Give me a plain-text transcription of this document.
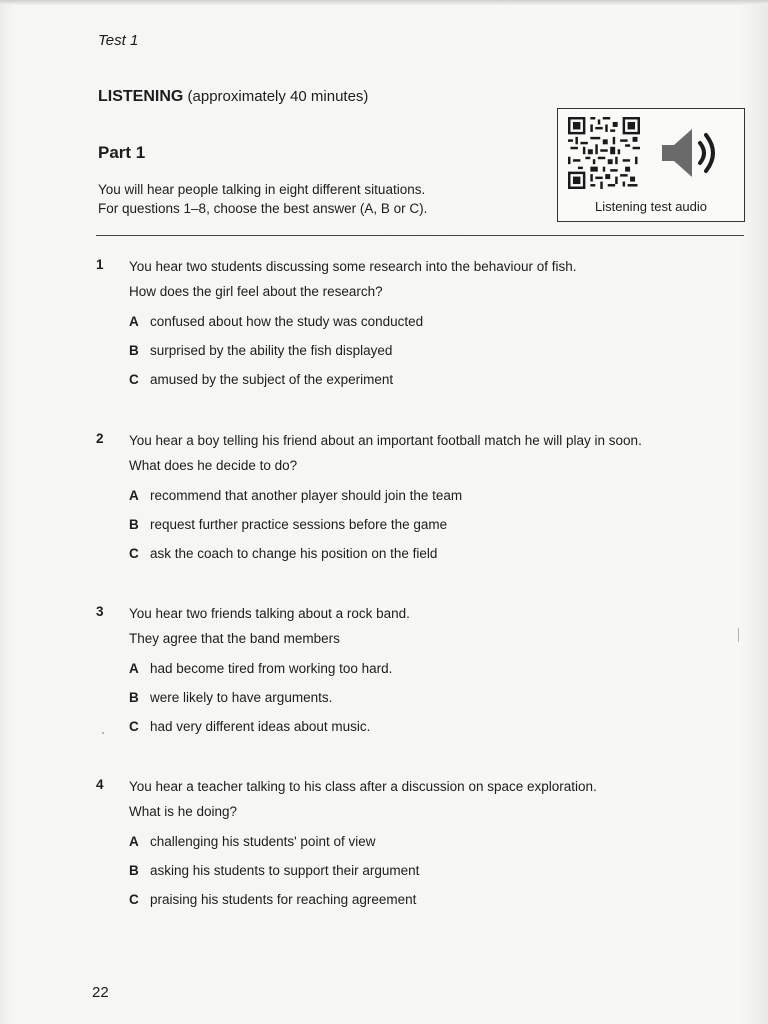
Test 1
LISTENING (approximately 40 minutes)
Part 1
You will hear people talking in eight different situations.
For questions 1–8, choose the best answer (A, B or C).	Listening test audio
1 You hear two students discussing some research into the behaviour of fish.
How does the girl feel about the research?
A confused about how the study was conducted
B surprised by the ability the fish displayed
C amused by the subject of the experiment
2 You hear a boy telling his friend about an important football match he will play in soon.
What does he decide to do?
A recommend that another player should join the team
B request further practice sessions before the game
C ask the coach to change his position on the field
3 You hear two friends talking about a rock band.
They agree that the band members
A had become tired from working too hard.
B were likely to have arguments.
C had very different ideas about music.
4 You hear a teacher talking to his class after a discussion on space exploration.
What is he doing?
A challenging his students' point of view
B asking his students to support their argument
C praising his students for reaching agreement
22
